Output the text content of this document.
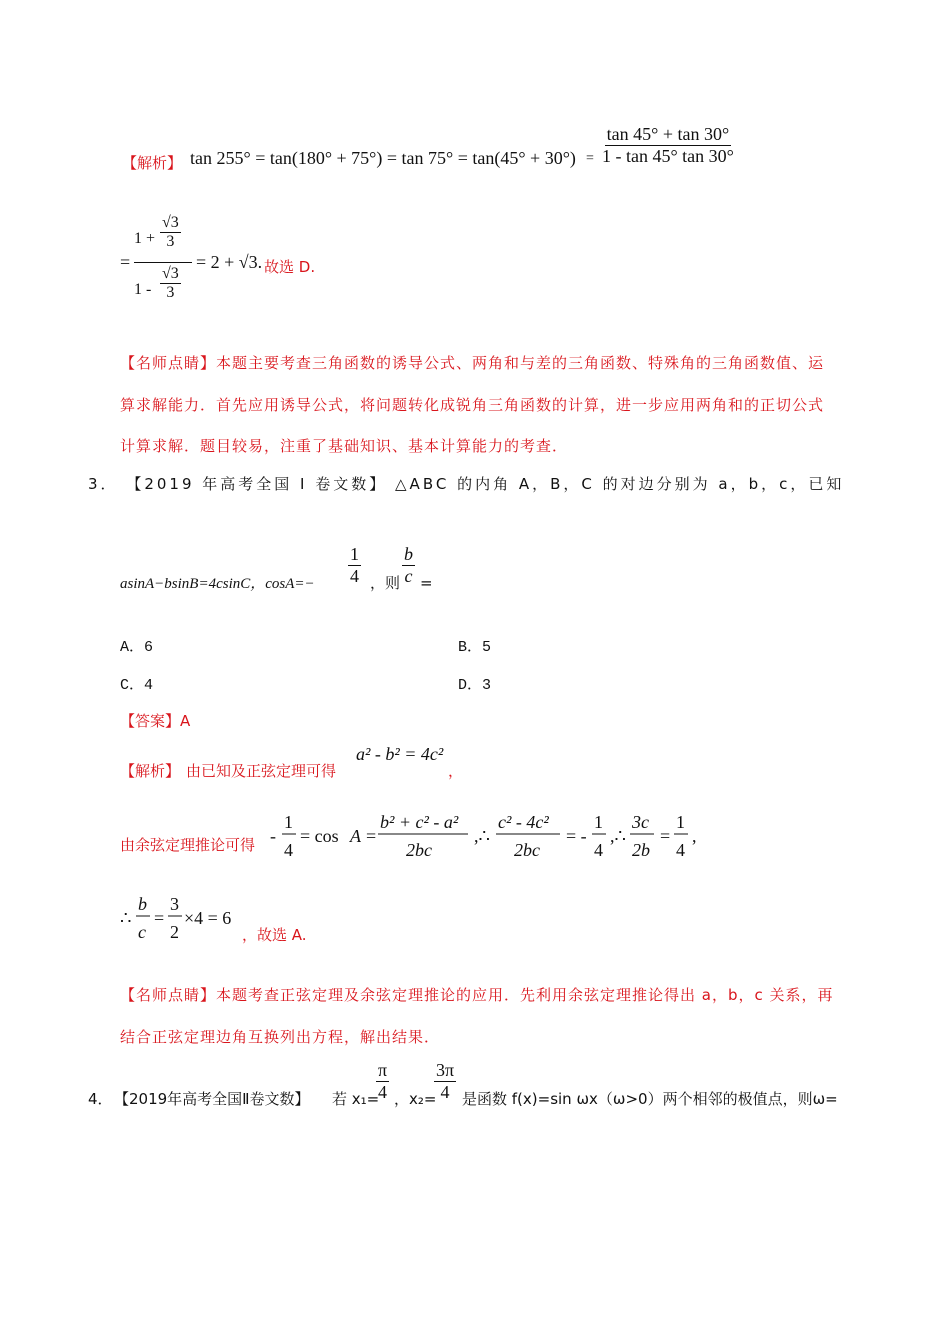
【解析】 $\tan 255^\circ = \tan(180^\circ + 75^\circ) = \tan 75^\circ = \tan(45^\circ + 30^\circ) = \frac{\tan 45^\circ + \tan 30^\circ}{1 - \tan 45^\circ \tan 30^\circ}$
= $\frac{1 + \frac{√3}{3}}{1 - \frac{√3}{3}} = 2 + √3$. 故选 D.
【名师点睛】本题主要考查三角函数的诱导公式、两角和与差的三角函数、特殊角的三角函数值、运
算求解能力．首先应用诱导公式，将问题转化成锐角三角函数的计算，进一步应用两角和的正切公式
计算求解．题目较易，注重了基础知识、基本计算能力的考查．
3． 【2019 年高考全国 I 卷文数】 △ABC 的内角 A，B，C 的对边分别为 a，b，c，已知
asinA−bsinB=4csinC，$\cos A=- \frac{1}{4}$ ，则 $\frac{b}{c}$ =
A．6	B．5
C．4	D．3
【答案】A
【解析】 由已知及正弦定理可得
a² - b² = 4c²
，
由余弦定理推论可得 -
1
4
= cos A =
b² + c² - a²
2bc
,∴
c² - 4c²
2bc
= -
1
4
,∴
3c
2b
=
1
4
,
∴
b
c
=
3
2
×4 = 6
，故选 A.
【名师点睛】本题考查正弦定理及余弦定理推论的应用．先利用余弦定理推论得出 a，b，c 关系，再
结合正弦定理边角互换列出方程，解出结果．
4． 【2019年高考全国Ⅱ卷文数】 若 x₁=
$\frac{\pi}{4}$ ，x₂=
$\frac{3\pi}{4}$ 是函数 f(x)=sin ωx（ω>0）两个相邻的极值点，则ω=
